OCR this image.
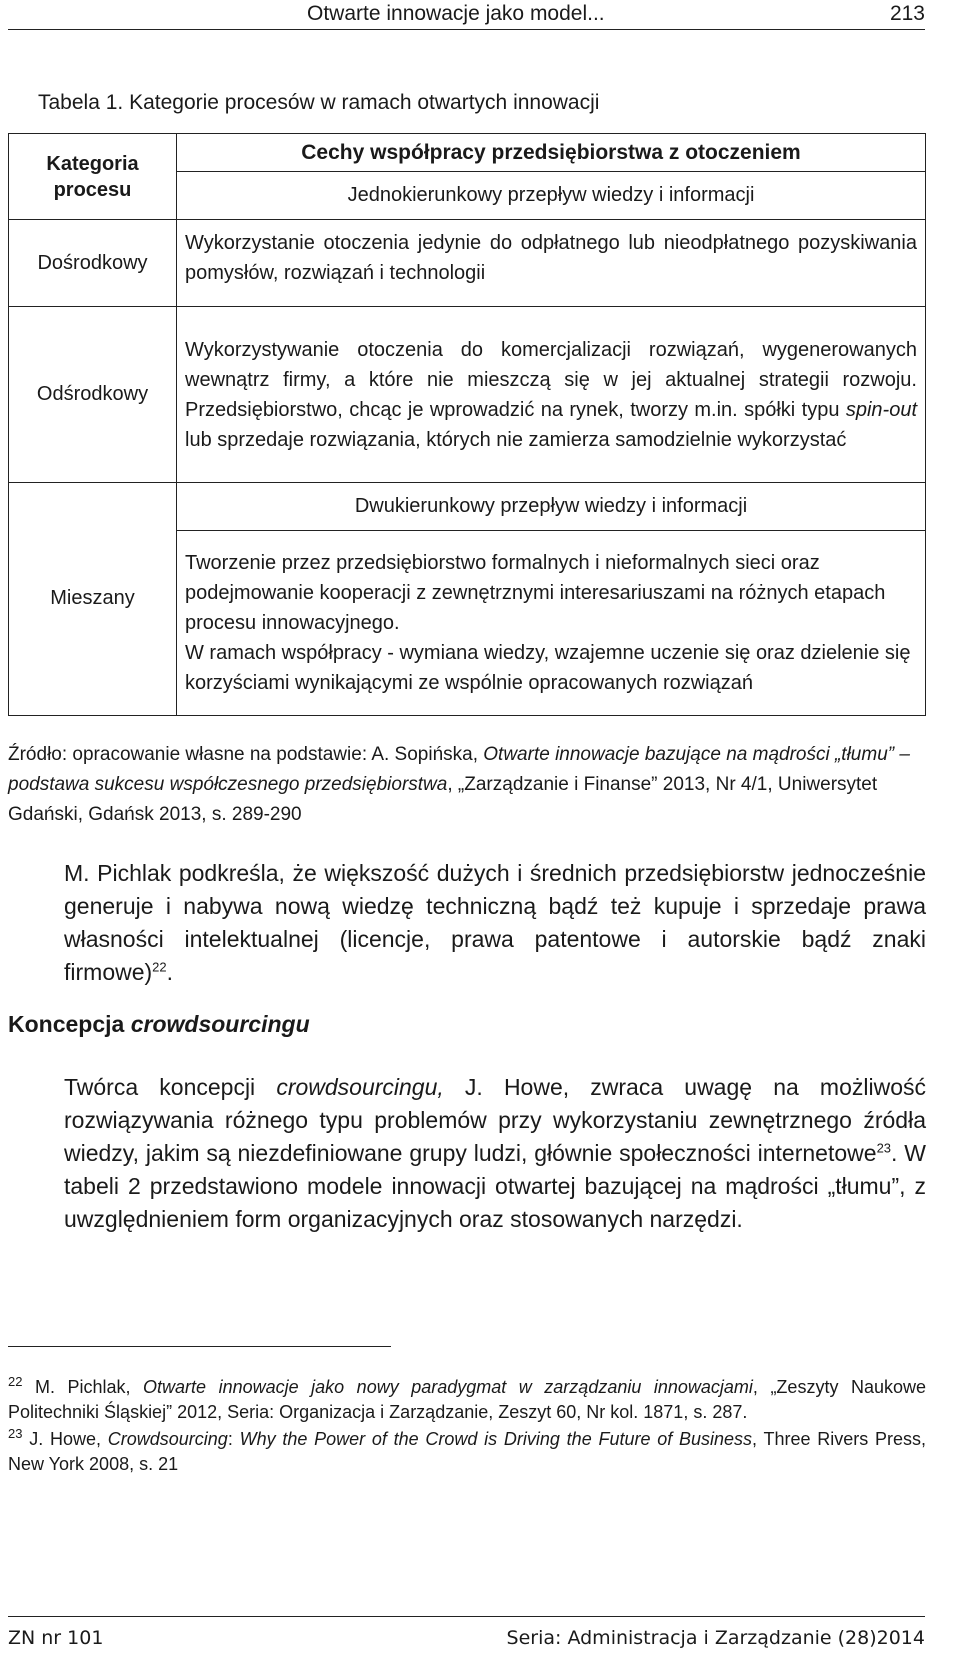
Otwarte innowacje jako model...	213
Tabela 1. Kategorie procesów w ramach otwartych innowacji
Kategoria procesu	Cechy współpracy przedsiębiorstwa z otoczeniem
	Jednokierunkowy przepływ wiedzy i informacji
Dośrodkowy	Wykorzystanie otoczenia jedynie do odpłatnego lub nieodpłatnego pozyskiwania pomysłów, rozwiązań i technologii
Odśrodkowy	Wykorzystywanie otoczenia do komercjalizacji rozwiązań, wygenerowanych wewnątrz firmy, a które nie mieszczą się w jej aktualnej strategii rozwoju. Przedsiębiorstwo, chcąc je wprowadzić na rynek, tworzy m.in. spółki typu spin-out lub sprzedaje rozwiązania, których nie zamierza samodzielnie wykorzystać
	Dwukierunkowy przepływ wiedzy i informacji
Mieszany	Tworzenie przez przedsiębiorstwo formalnych i nieformalnych sieci oraz podejmowanie kooperacji z zewnętrznymi interesariuszami na różnych etapach procesu innowacyjnego.
W ramach współpracy - wymiana wiedzy, wzajemne uczenie się oraz dzielenie się korzyściami wynikającymi ze wspólnie opracowanych rozwiązań
Źródło: opracowanie własne na podstawie: A. Sopińska, Otwarte innowacje bazujące na mądrości „tłumu” – podstawa sukcesu współczesnego przedsiębiorstwa, „Zarządzanie i Finanse” 2013, Nr 4/1, Uniwersytet Gdański, Gdańsk 2013, s. 289-290
M. Pichlak podkreśla, że większość dużych i średnich przedsiębiorstw jednocześnie generuje i nabywa nową wiedzę techniczną bądź też kupuje i sprzedaje prawa własności intelektualnej (licencje, prawa patentowe i autorskie bądź znaki firmowe)$^{22}$.
Koncepcja crowdsourcingu
Twórca koncepcji crowdsourcingu, J. Howe, zwraca uwagę na możliwość rozwiązywania różnego typu problemów przy wykorzystaniu zewnętrznego źródła wiedzy, jakim są niezdefiniowane grupy ludzi, głównie społeczności internetowe$^{23}$. W tabeli 2 przedstawiono modele innowacji otwartej bazującej na mądrości „tłumu”, z uwzględnieniem form organizacyjnych oraz stosowanych narzędzi.
$^{22}$ M. Pichlak, Otwarte innowacje jako nowy paradygmat w zarządzaniu innowacjami, „Zeszyty Naukowe Politechniki Śląskiej” 2012, Seria: Organizacja i Zarządzanie, Zeszyt 60, Nr kol. 1871, s. 287.
$^{23}$ J. Howe, Crowdsourcing: Why the Power of the Crowd is Driving the Future of Business, Three Rivers Press, New York 2008, s. 21
ZN nr 101	Seria: Administracja i Zarządzanie (28)2014
